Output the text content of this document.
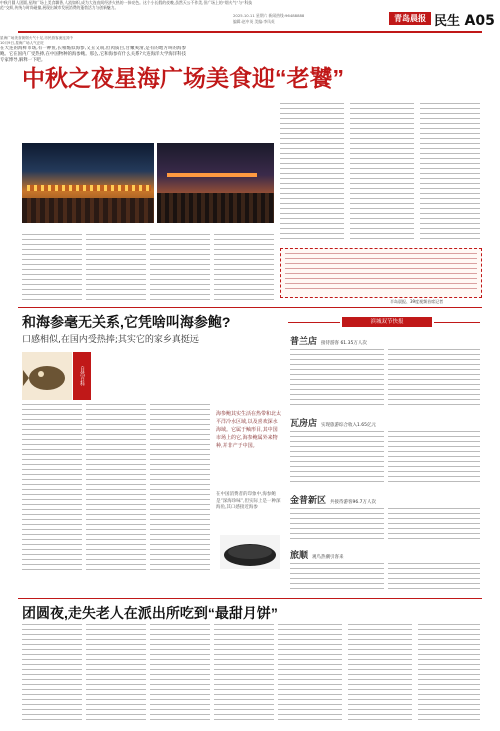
2025.10.11 星期六 新闻热线:96488888
编辑:赵中英 美编:李凤英	青岛晨报 民生 A05
中秋之夜星海广场美食迎“老饕”
中秋月圆人团圆,星海广场上美食飘香,人流如织,成为大连夜间经济火热的一抹亮色。这个小长假的夜晚,虽然天公不作美,但广场上的“烟火气”与“科技范”交织,传统与时尚碰撞,展现出城市发展消费的蓬勃活力与创新魅力。
星海广场美食街烟火气十足,市民游客流连其中
10月9日,星海广场人气正旺
半岛晨报、39度视频首席记者
和海参毫无关系,它凭啥叫海参鲍?
口感相似,在国内受热捧;其实它的家乡真挺远
自然百科
在大连的海鲜市场,有一种鱼,长相酷似海参,又丑又萌,但肉质白,甘嫩爽滑,是有的地方叫的海参鲍。它在国内广受热捧,在中国物种的海参鲍。那么,它和海参有什么关系?大连海洋大学海洋科技专家博导,解释一下吧。
海参鲍其实生活在热带和北太平洋冷水区域,以及喜欢深水海域。它属于鲉形目,其中国市场上的它,海参鲍属外来物种,并非产于中国。
在中国消费者的印象中,海参鲍是“深海珍味”,但实际上是一种深海鱼,其口感接近海参
滨城双节快报
普兰店 接待游客 61.35万人次
瓦房店 实现旅游综合收入1.65亿元
金普新区 共接待游客96.7万人次
旅顺 观鸟热潮引客来
团圆夜,走失老人在派出所吃到“最甜月饼”
